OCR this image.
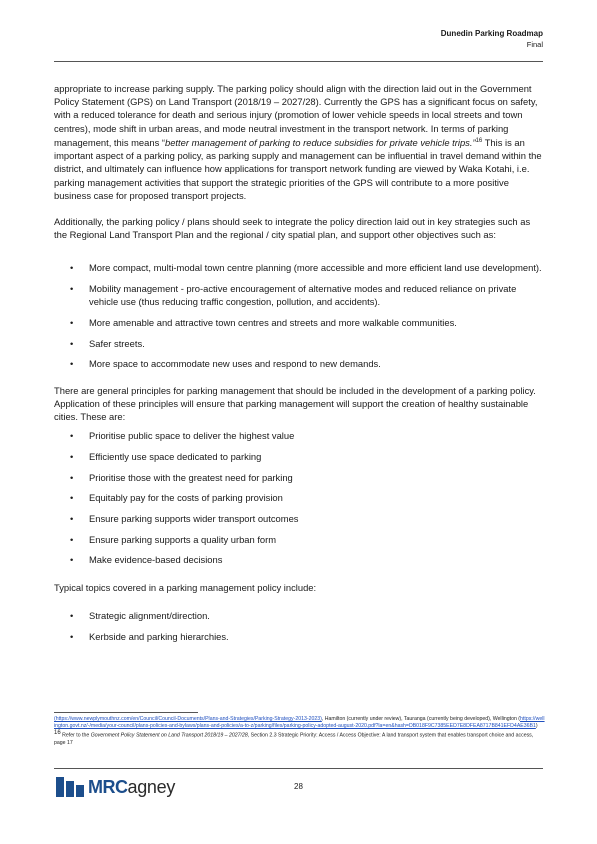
Dunedin Parking Roadmap
Final

appropriate to increase parking supply. The parking policy should align with the direction laid out in the Government Policy Statement (GPS) on Land Transport (2018/19 – 2027/28). Currently the GPS has a significant focus on safety, with a reduced tolerance for death and serious injury (promotion of lower vehicle speeds in local streets and town centres), mode shift in urban areas, and mode neutral investment in the transport network. In terms of parking management, this means “better management of parking to reduce subsidies for private vehicle trips.”$^{16}$ This is an important aspect of a parking policy, as parking supply and management can be influential in travel demand within the district, and ultimately can influence how applications for transport network funding are viewed by Waka Kotahi, i.e. parking management activities that support the strategic priorities of the GPS will contribute to a more positive business case for proposed transport projects.

Additionally, the parking policy / plans should seek to integrate the policy direction laid out in key strategies such as the Regional Land Transport Plan and the regional / city spatial plan, and support other objectives such as:

• More compact, multi-modal town centre planning (more accessible and more efficient land use development).
• Mobility management - pro-active encouragement of alternative modes and reduced reliance on private vehicle use (thus reducing traffic congestion, pollution, and accidents).
• More amenable and attractive town centres and streets and more walkable communities.
• Safer streets.
• More space to accommodate new uses and respond to new demands.

There are general principles for parking management that should be included in the development of a parking policy. Application of these principles will ensure that parking management will support the creation of healthy sustainable cities. These are:

• Prioritise public space to deliver the highest value
• Efficiently use space dedicated to parking
• Prioritise those with the greatest need for parking
• Equitably pay for the costs of parking provision
• Ensure parking supports wider transport outcomes
• Ensure parking supports a quality urban form
• Make evidence-based decisions

Typical topics covered in a parking management policy include:

• Strategic alignment/direction.
• Kerbside and parking hierarchies.
(https://www.newplymouthnz.com/en/Council/Council-Documents/Plans-and-Strategies/Parking-Strategy-2013-2023), Hamilton (currently under review), Tauranga (currently being developed), Wellington (https://wellington.govt.nz/-/media/your-council/plans-policies-and-bylaws/plans-and-policies/a-to-z/parking/files/parking-policy-adopted-august-2020.pdf?la=en&hash=DB018F9C7385EED7E8DFEA8717B841EFD4AE36B1)
$^{16}$ Refer to the Government Policy Statement on Land Transport 2018/19 – 2027/28, Section 2.3 Strategic Priority: Access / Access Objective: A land transport system that enables transport choice and access, page 17
MRC agney	28
